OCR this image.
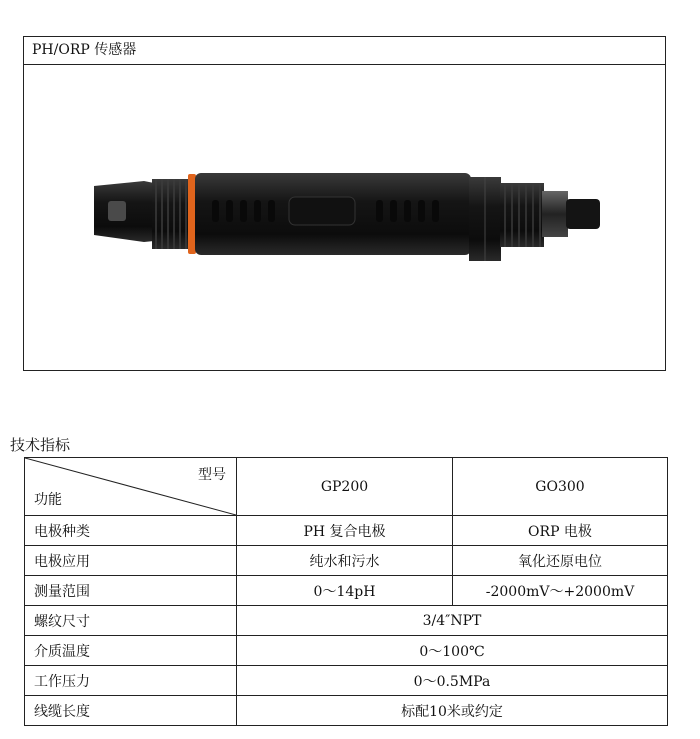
PH/ORP 传感器
技术指标
型号
功能	GP200	GO300
电极种类	PH 复合电极	ORP 电极
电极应用	纯水和污水	氧化还原电位
测量范围	0～14pH	-2000mV～+2000mV
螺纹尺寸	3/4″NPT	
介质温度	0～100℃	
工作压力	0～0.5MPa	
线缆长度	标配10米或约定	
